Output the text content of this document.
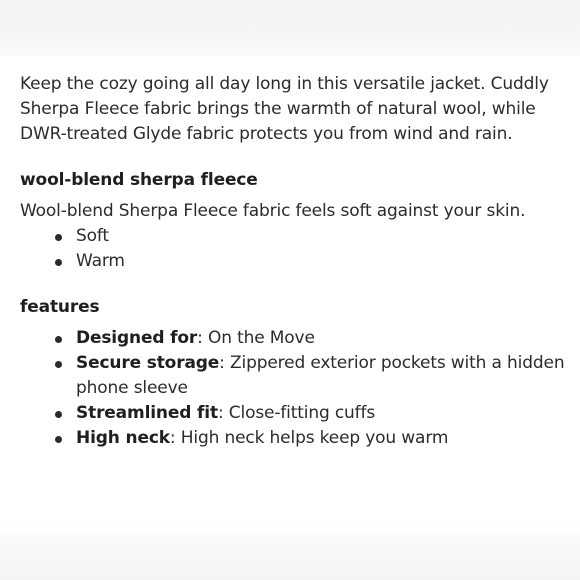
Keep the cozy going all day long in this versatile jacket. Cuddly Sherpa Fleece fabric brings the warmth of natural wool, while DWR-treated Glyde fabric protects you from wind and rain.

wool-blend sherpa fleece

Wool-blend Sherpa Fleece fabric feels soft against your skin.

Soft
Warm
features
Designed for: On the Move
Secure storage: Zippered exterior pockets with a hidden phone sleeve
Streamlined fit: Close-fitting cuffs
High neck: High neck helps keep you warm
